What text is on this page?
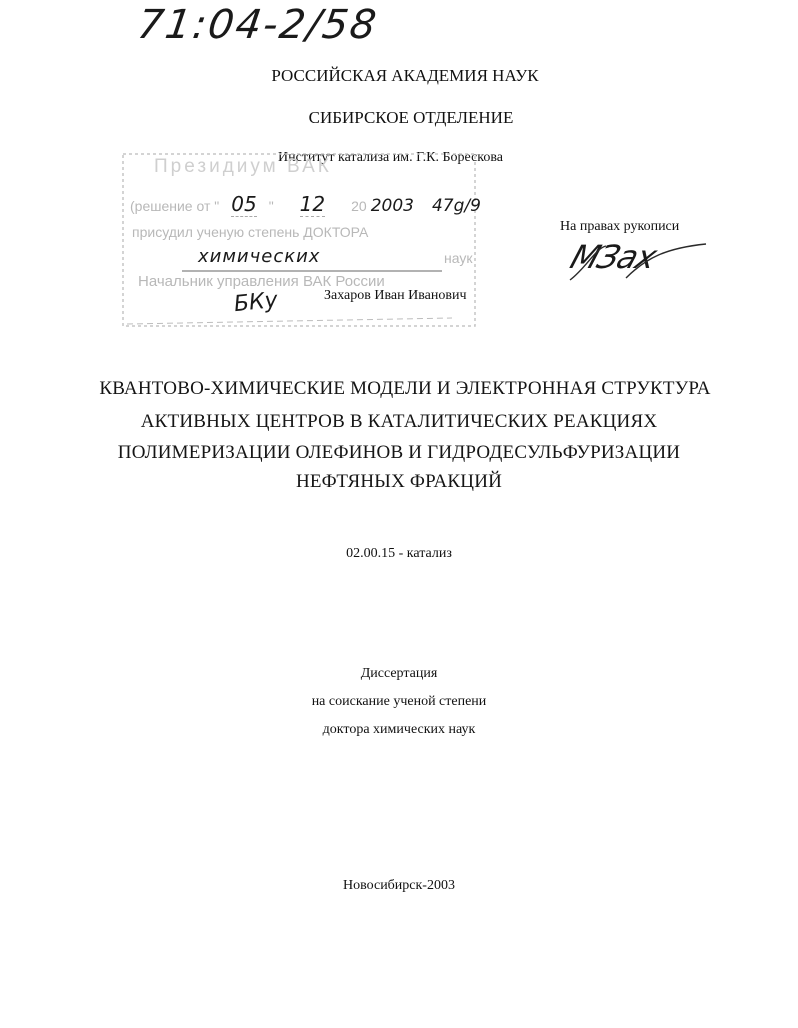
71:04-2/58
РОССИЙСКАЯ АКАДЕМИЯ НАУК
СИБИРСКОЕ ОТДЕЛЕНИЕ
Институт катализа им. Г.К. Борескова
Президиум ВАК
(решение от " 05 " 12 20 2003 47g/9
присудил ученую степень ДОКТОРА
химических	наук
Начальник управления ВАК России
БКу
На правах рукописи
МЗах
Захаров Иван Иванович
КВАНТОВО-ХИМИЧЕСКИЕ МОДЕЛИ И ЭЛЕКТРОННАЯ СТРУКТУРА
АКТИВНЫХ ЦЕНТРОВ В КАТАЛИТИЧЕСКИХ РЕАКЦИЯХ
ПОЛИМЕРИЗАЦИИ ОЛЕФИНОВ И ГИДРОДЕСУЛЬФУРИЗАЦИИ
НЕФТЯНЫХ ФРАКЦИЙ
02.00.15 - катализ
Диссертация
на соискание ученой степени
доктора химических наук
Новосибирск-2003
